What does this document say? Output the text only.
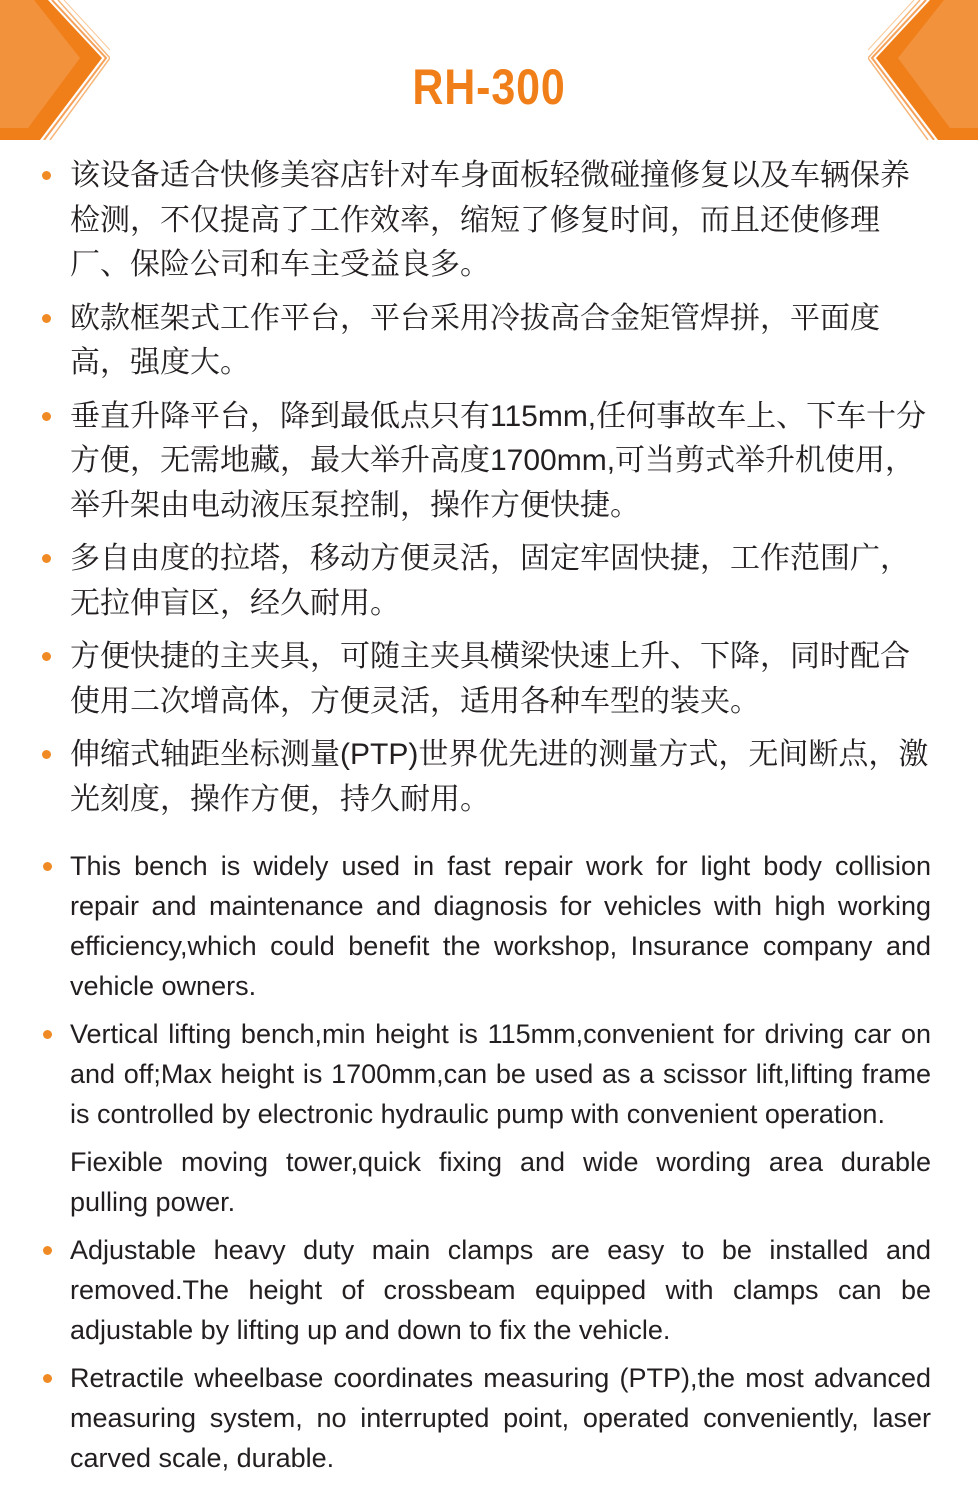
RH-300
该设备适合快修美容店针对车身面板轻微碰撞修复以及车辆保养检测，不仅提高了工作效率，缩短了修复时间，而且还使修理厂、保险公司和车主受益良多。
欧款框架式工作平台，平台采用冷拔高合金矩管焊拼，平面度高，强度大。
垂直升降平台，降到最低点只有115mm,任何事故车上、下车十分方便，无需地藏，最大举升高度1700mm,可当剪式举升机使用，举升架由电动液压泵控制，操作方便快捷。
多自由度的拉塔，移动方便灵活，固定牢固快捷，工作范围广，无拉伸盲区，经久耐用。
方便快捷的主夹具，可随主夹具横梁快速上升、下降，同时配合使用二次增高体，方便灵活，适用各种车型的装夹。
伸缩式轴距坐标测量(PTP)世界优先进的测量方式，无间断点，激光刻度，操作方便，持久耐用。
This bench is widely used in fast repair work for light body collision repair and maintenance and diagnosis for vehicles with high working efficiency,which could benefit the workshop, Insurance company and vehicle owners.
Vertical lifting bench,min height is 115mm,convenient for driving car on and off;Max height is 1700mm,can be used as a scissor lift,lifting frame is controlled by electronic hydraulic pump with convenient operation.
Fiexible moving tower,quick fixing and wide wording area durable pulling power.
Adjustable heavy duty main clamps are easy to be installed and removed.The height of crossbeam equipped with clamps can be adjustable by lifting up and down to fix the vehicle.
Retractile wheelbase coordinates measuring (PTP),the most advanced measuring system, no interrupted point, operated conveniently, laser carved scale, durable.
